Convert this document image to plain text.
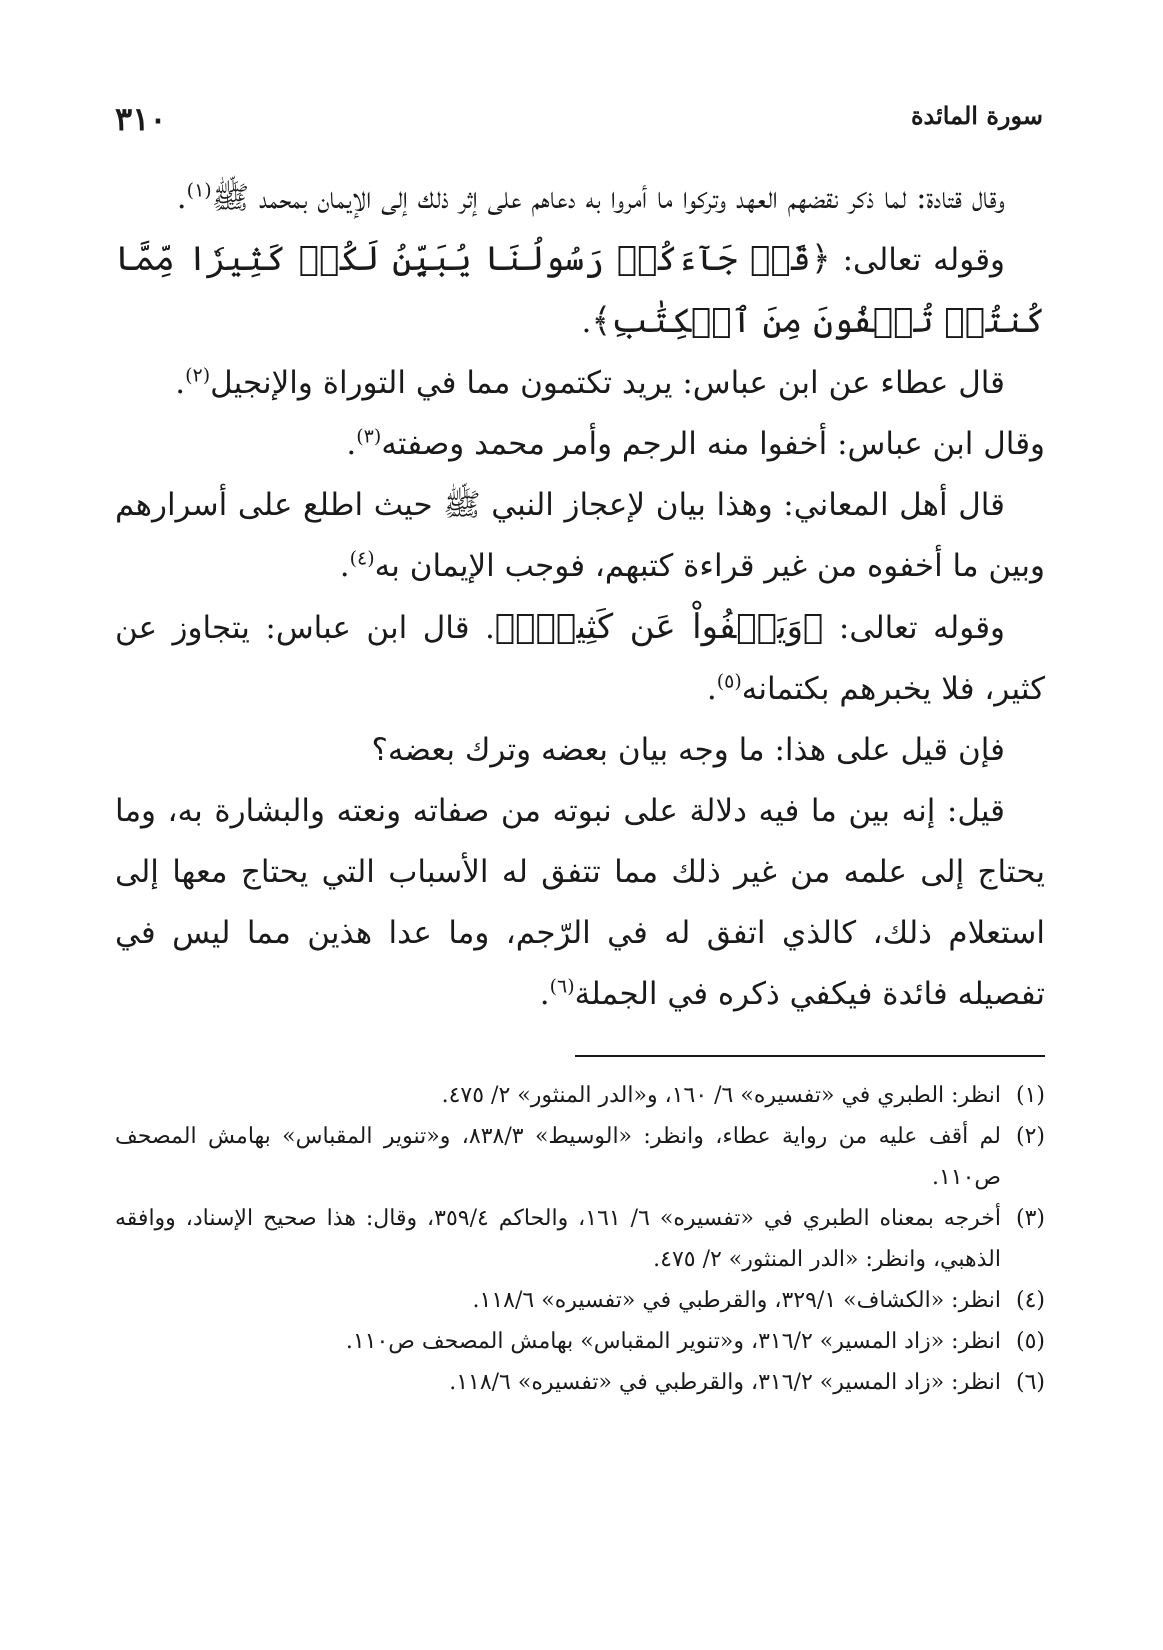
سورة المائدة
٣١٠

وقال قتادة: لما ذكر نقضهم العهد وتركوا ما أمروا به دعاهم على إثر ذلك إلى الإيمان بمحمد ﷺ$^{(١)}$.

وقوله تعالى: ﴿قَدۡ جَآءَكُمۡ رَسُولُنَا يُبَيِّنُ لَكُمۡ كَثِيرٗا مِّمَّا كُنتُمۡ تُخۡفُونَ مِنَ ٱلۡكِتَٰبِ﴾.

قال عطاء عن ابن عباس: يريد تكتمون مما في التوراة والإنجيل$^{(٢)}$.

وقال ابن عباس: أخفوا منه الرجم وأمر محمد وصفته$^{(٣)}$.

قال أهل المعاني: وهذا بيان لإعجاز النبي ﷺ حيث اطلع على أسرارهم وبين ما أخفوه من غير قراءة كتبهم، فوجب الإيمان به$^{(٤)}$.

وقوله تعالى: ﴿وَيَعۡفُواْ عَن كَثِيرٖۚ﴾. قال ابن عباس: يتجاوز عن كثير، فلا يخبرهم بكتمانه$^{(٥)}$.

فإن قيل على هذا: ما وجه بيان بعضه وترك بعضه؟

قيل: إنه بين ما فيه دلالة على نبوته من صفاته ونعته والبشارة به، وما يحتاج إلى علمه من غير ذلك مما تتفق له الأسباب التي يحتاج معها إلى استعلام ذلك، كالذي اتفق له في الرّجم، وما عدا هذين مما ليس في تفصيله فائدة فيكفي ذكره في الجملة$^{(٦)}$.

(١)
انظر: الطبري في «تفسيره» ٦/ ١٦٠، و«الدر المنثور» ٢/ ٤٧٥.
(٢)
لم أقف عليه من رواية عطاء، وانظر: «الوسيط» ٨٣٨/٣، و«تنوير المقباس» بهامش المصحف ص١١٠.
(٣)
أخرجه بمعناه الطبري في «تفسيره» ٦/ ١٦١، والحاكم ٣٥٩/٤، وقال: هذا صحيح الإسناد، ووافقه الذهبي، وانظر: «الدر المنثور» ٢/ ٤٧٥.
(٤)
انظر: «الكشاف» ٣٢٩/١، والقرطبي في «تفسيره» ١١٨/٦.
(٥)
انظر: «زاد المسير» ٣١٦/٢، و«تنوير المقباس» بهامش المصحف ص١١٠.
(٦)
انظر: «زاد المسير» ٣١٦/٢، والقرطبي في «تفسيره» ١١٨/٦.
